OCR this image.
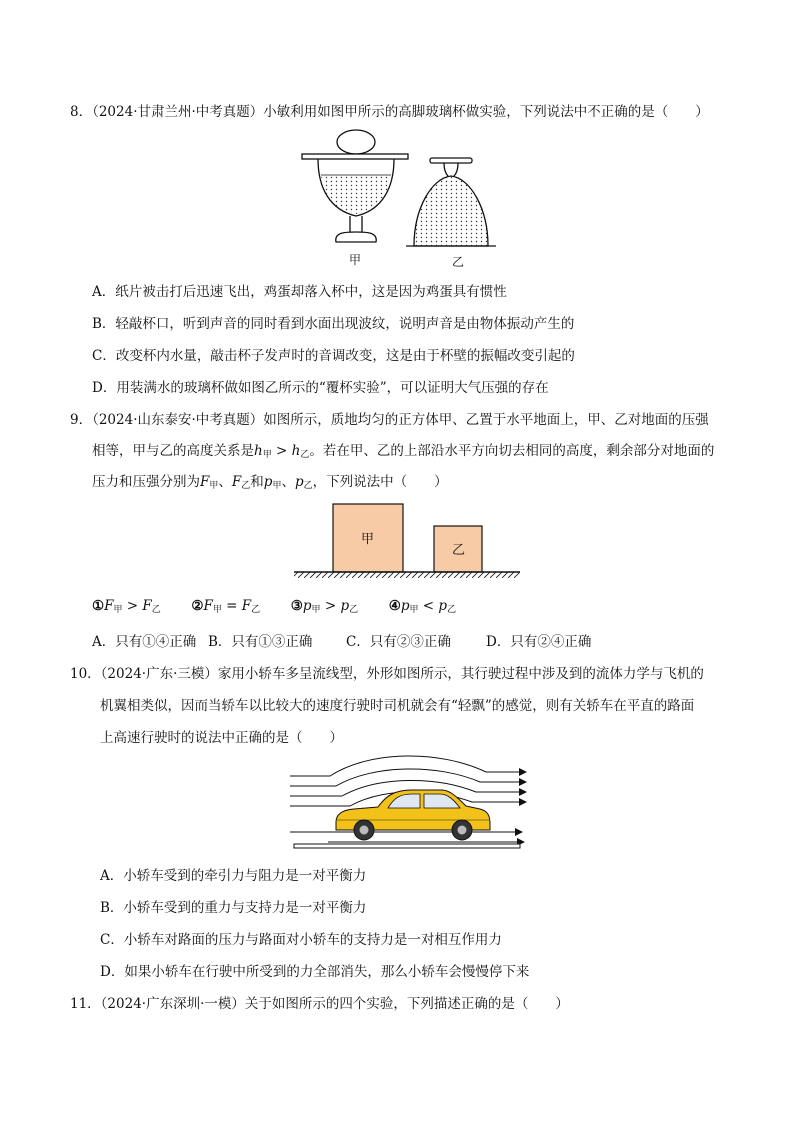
8．（2024·甘肃兰州·中考真题）小敏利用如图甲所示的高脚玻璃杯做实验，下列说法中不正确的是（　　）
甲	乙
A．纸片被击打后迅速飞出，鸡蛋却落入杯中，这是因为鸡蛋具有惯性
B．轻敲杯口，听到声音的同时看到水面出现波纹，说明声音是由物体振动产生的
C．改变杯内水量，敲击杯子发声时的音调改变，这是由于杯壁的振幅改变引起的
D．用装满水的玻璃杯做如图乙所示的“覆杯实验”，可以证明大气压强的存在
9．（2024·山东泰安·中考真题）如图所示，质地均匀的正方体甲、乙置于水平地面上，甲、乙对地面的压强
相等，甲与乙的高度关系是$h_甲 > h_乙$。若在甲、乙的上部沿水平方向切去相同的高度，剩余部分对地面的
压力和压强分别为$F_甲$、$F_乙$和$p_甲$、$p_乙$，下列说法中（　　）
甲
乙
$①F_甲 > F_乙$ $②F_甲 = F_乙$ $③p_甲 > p_乙$ $④p_甲 < p_乙$
A．只有①④正确 B．只有①③正确 C．只有②③正确	D．只有②④正确
10．（2024·广东·三模）家用小轿车多呈流线型，外形如图所示，其行驶过程中涉及到的流体力学与飞机的
机翼相类似，因而当轿车以比较大的速度行驶时司机就会有“轻飘”的感觉，则有关轿车在平直的路面
上高速行驶时的说法中正确的是（　　）
A．小轿车受到的牵引力与阻力是一对平衡力
B．小轿车受到的重力与支持力是一对平衡力
C．小轿车对路面的压力与路面对小轿车的支持力是一对相互作用力
D．如果小轿车在行驶中所受到的力全部消失，那么小轿车会慢慢停下来
11．（2024·广东深圳·一模）关于如图所示的四个实验，下列描述正确的是（　　）
